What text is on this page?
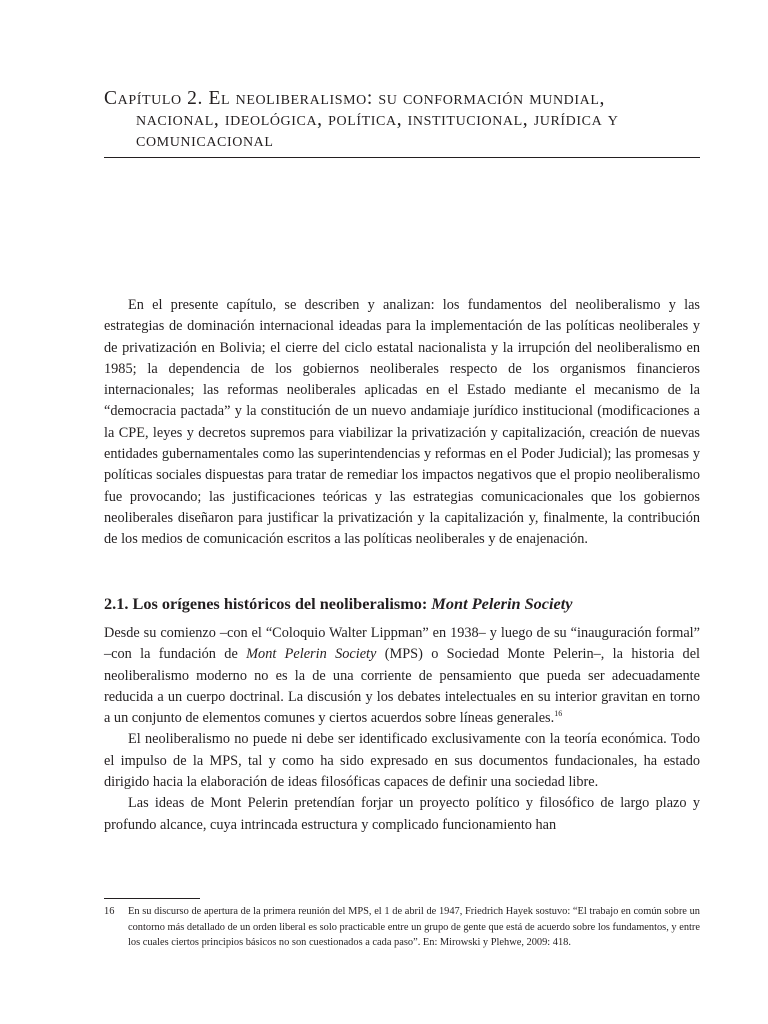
Capítulo 2. El neoliberalismo: su conformación mundial,
nacional, ideológica, política, institucional, jurídica y
comunicacional

En el presente capítulo, se describen y analizan: los fundamentos del neoliberalismo y las estrategias de dominación internacional ideadas para la implementación de las políticas neoliberales y de privatización en Bolivia; el cierre del ciclo estatal nacionalista y la irrupción del neoliberalismo en 1985; la dependencia de los gobiernos neoliberales respecto de los organismos financieros internacionales; las reformas neoliberales aplicadas en el Estado mediante el mecanismo de la “democracia pactada” y la constitución de un nuevo andamiaje jurídico institucional (modificaciones a la CPE, leyes y decretos supremos para viabilizar la privatización y capitalización, creación de nuevas entidades gubernamentales como las superintendencias y reformas en el Poder Judicial); las promesas y políticas sociales dispuestas para tratar de remediar los impactos negativos que el propio neoliberalismo fue provocando; las justificaciones teóricas y las estrategias comunicacionales que los gobiernos neoliberales diseñaron para justificar la privatización y la capitalización y, finalmente, la contribución de los medios de comunicación escritos a las políticas neoliberales y de enajenación.

2.1. Los orígenes históricos del neoliberalismo: Mont Pelerin Society

Desde su comienzo –con el “Coloquio Walter Lippman” en 1938– y luego de su “inauguración formal” –con la fundación de Mont Pelerin Society (MPS) o Sociedad Monte Pelerin–, la historia del neoliberalismo moderno no es la de una corriente de pensamiento que pueda ser adecuadamente reducida a un cuerpo doctrinal. La discusión y los debates intelectuales en su interior gravitan en torno a un conjunto de elementos comunes y ciertos acuerdos sobre líneas generales.$^{16}$

El neoliberalismo no puede ni debe ser identificado exclusivamente con la teoría económica. Todo el impulso de la MPS, tal y como ha sido expresado en sus documentos fundacionales, ha estado dirigido hacia la elaboración de ideas filosóficas capaces de definir una sociedad libre.

Las ideas de Mont Pelerin pretendían forjar un proyecto político y filosófico de largo plazo y profundo alcance, cuya intrincada estructura y complicado funcionamiento han

16 En su discurso de apertura de la primera reunión del MPS, el 1 de abril de 1947, Friedrich Hayek sostuvo: “El trabajo en común sobre un contorno más detallado de un orden liberal es solo practicable entre un grupo de gente que está de acuerdo sobre los fundamentos, y entre los cuales ciertos principios básicos no son cuestionados a cada paso”. En: Mirowski y Plehwe, 2009: 418.
